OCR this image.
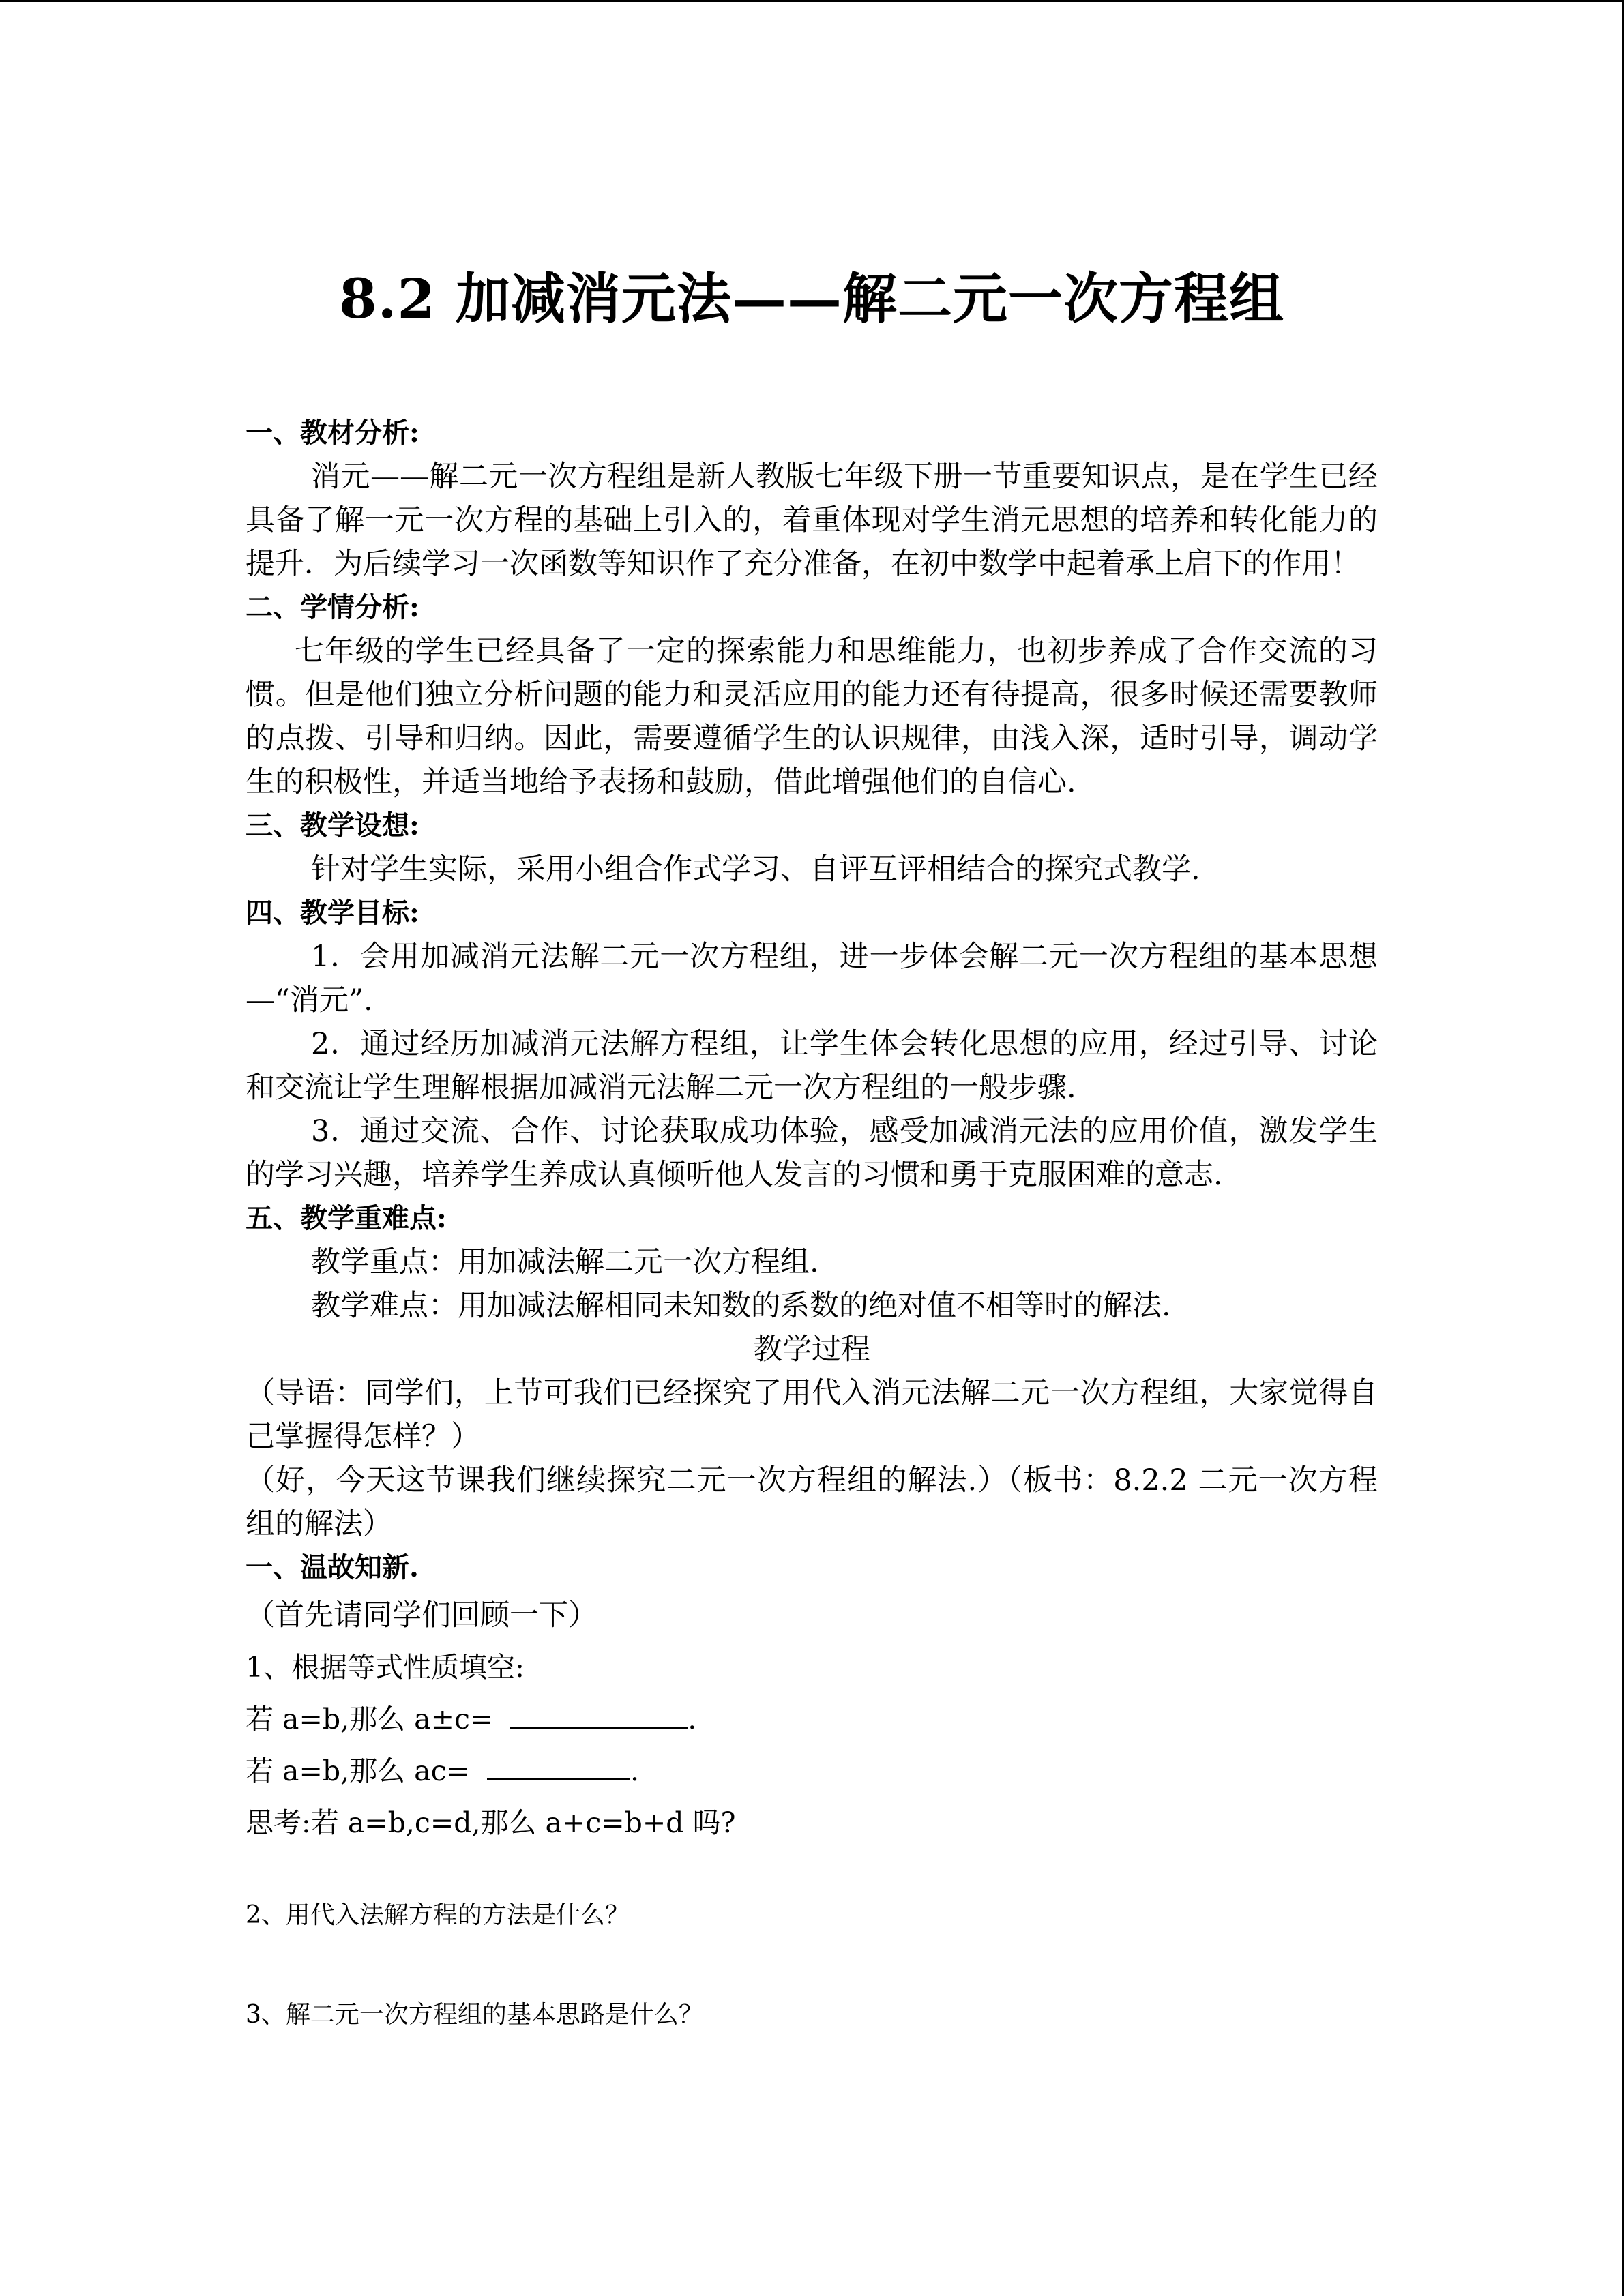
8.2 加减消元法——解二元一次方程组

一、教材分析:

消元——解二元一次方程组是新人教版七年级下册一节重要知识点，是在学生已经具备了解一元一次方程的基础上引入的，着重体现对学生消元思想的培养和转化能力的提升．为后续学习一次函数等知识作了充分准备，在初中数学中起着承上启下的作用！

二、学情分析:

七年级的学生已经具备了一定的探索能力和思维能力，也初步养成了合作交流的习惯。但是他们独立分析问题的能力和灵活应用的能力还有待提高，很多时候还需要教师的点拨、引导和归纳。因此，需要遵循学生的认识规律，由浅入深，适时引导，调动学生的积极性，并适当地给予表扬和鼓励，借此增强他们的自信心.

三、教学设想:

针对学生实际，采用小组合作式学习、自评互评相结合的探究式教学.

四、教学目标:

1．会用加减消元法解二元一次方程组，进一步体会解二元一次方程组的基本思想—“消元”.

2．通过经历加减消元法解方程组，让学生体会转化思想的应用，经过引导、讨论和交流让学生理解根据加减消元法解二元一次方程组的一般步骤.

3．通过交流、合作、讨论获取成功体验，感受加减消元法的应用价值，激发学生的学习兴趣，培养学生养成认真倾听他人发言的习惯和勇于克服困难的意志.

五、教学重难点:

教学重点：用加减法解二元一次方程组.

教学难点：用加减法解相同未知数的系数的绝对值不相等时的解法.

教学过程

（导语：同学们，上节可我们已经探究了用代入消元法解二元一次方程组，大家觉得自己掌握得怎样？）

（好，今天这节课我们继续探究二元一次方程组的解法.）（板书：8.2.2 二元一次方程组的解法）

一、温故知新.

（首先请同学们回顾一下）

1、根据等式性质填空:

若 a=b,那么 a±c=	.

若 a=b,那么 ac=	.

思考:若 a=b,c=d,那么 a+c=b+d 吗?

2、用代入法解方程的方法是什么？

3、解二元一次方程组的基本思路是什么？
